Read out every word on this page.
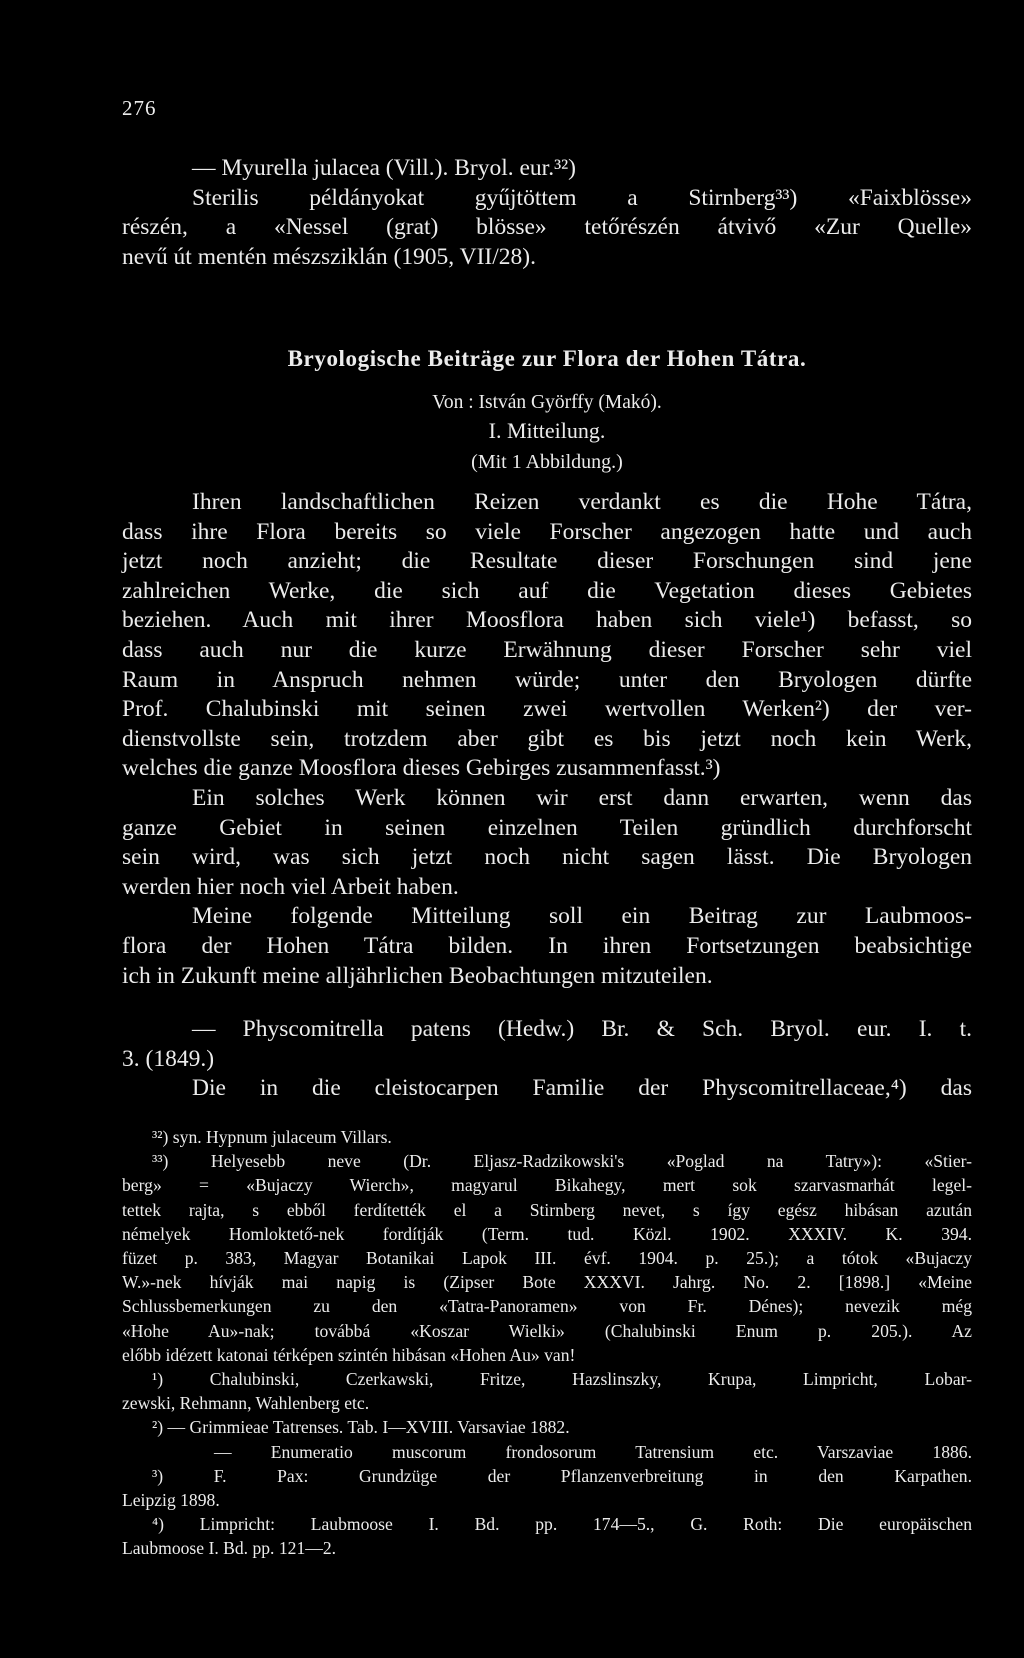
276

— Myurella julacea (Vill.). Bryol. eur.³²)

Sterilis példányokat gyűjtöttem a Stirnberg³³) «Faixblösse»

részén, a «Nessel (grat) blösse» tetőrészén átvivő «Zur Quelle»

nevű út mentén mészsziklán (1905, VII/28).

Bryologische Beiträge zur Flora der Hohen Tátra.
Von : István Györffy (Makó).
I. Mitteilung.
(Mit 1 Abbildung.)

Ihren landschaftlichen Reizen verdankt es die Hohe Tátra,

dass ihre Flora bereits so viele Forscher angezogen hatte und auch

jetzt noch anzieht; die Resultate dieser Forschungen sind jene

zahlreichen Werke, die sich auf die Vegetation dieses Gebietes

beziehen. Auch mit ihrer Moosflora haben sich viele¹) befasst, so

dass auch nur die kurze Erwähnung dieser Forscher sehr viel

Raum in Anspruch nehmen würde; unter den Bryologen dürfte

Prof. Chalubinski mit seinen zwei wertvollen Werken²) der ver-

dienstvollste sein, trotzdem aber gibt es bis jetzt noch kein Werk,

welches die ganze Moosflora dieses Gebirges zusammenfasst.³)

Ein solches Werk können wir erst dann erwarten, wenn das

ganze Gebiet in seinen einzelnen Teilen gründlich durchforscht

sein wird, was sich jetzt noch nicht sagen lässt. Die Bryologen

werden hier noch viel Arbeit haben.

Meine folgende Mitteilung soll ein Beitrag zur Laubmoos-

flora der Hohen Tátra bilden. In ihren Fortsetzungen beabsichtige

ich in Zukunft meine alljährlichen Beobachtungen mitzuteilen.

— Physcomitrella patens (Hedw.) Br. & Sch. Bryol. eur. I. t.

3. (1849.)

Die in die cleistocarpen Familie der Physcomitrellaceae,⁴) das

³²) syn. Hypnum julaceum Villars.

³³) Helyesebb neve (Dr. Eljasz-Radzikowski's «Poglad na Tatry»): «Stier-

berg» = «Bujaczy Wierch», magyarul Bikahegy, mert sok szarvasmarhát legel-

tettek rajta, s ebből ferdítették el a Stirnberg nevet, s így egész hibásan azután

némelyek Homloktető-nek fordítják (Term. tud. Közl. 1902. XXXIV. K. 394.

füzet p. 383, Magyar Botanikai Lapok III. évf. 1904. p. 25.); a tótok «Bujaczy

W.»-nek hívják mai napig is (Zipser Bote XXXVI. Jahrg. No. 2. [1898.] «Meine

Schlussbemerkungen zu den «Tatra-Panoramen» von Fr. Dénes); nevezik még

«Hohe Au»-nak; továbbá «Koszar Wielki» (Chalubinski Enum p. 205.). Az

előbb idézett katonai térképen szintén hibásan «Hohen Au» van!

¹) Chalubinski, Czerkawski, Fritze, Hazslinszky, Krupa, Limpricht, Lobar-

zewski, Rehmann, Wahlenberg etc.

²) — Grimmieae Tatrenses. Tab. I—XVIII. Varsaviae 1882.

— Enumeratio muscorum frondosorum Tatrensium etc. Varszaviae 1886.

³) F. Pax: Grundzüge der Pflanzenverbreitung in den Karpathen.

Leipzig 1898.

⁴) Limpricht: Laubmoose I. Bd. pp. 174—5., G. Roth: Die europäischen

Laubmoose I. Bd. pp. 121—2.
